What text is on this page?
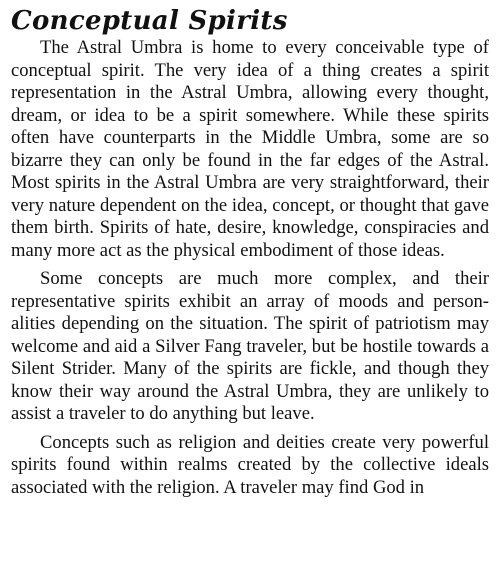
Conceptual Spirits

The Astral Umbra is home to every conceivable type of conceptual spirit. The very idea of a thing creates a spirit representation in the Astral Umbra, allowing every thought, dream, or idea to be a spirit somewhere. While these spirits often have counterparts in the Middle Umbra, some are so bizarre they can only be found in the far edges of the Astral. Most spirits in the Astral Umbra are very straightforward, their very nature dependent on the idea, concept, or thought that gave them birth. Spirits of hate, desire, knowledge, conspiracies and many more act as the physical embodiment of those ideas.

Some concepts are much more complex, and their representative spirits exhibit an array of moods and personalities depending on the situation. The spirit of patriotism may welcome and aid a Silver Fang traveler, but be hostile towards a Silent Strider. Many of the spirits are fickle, and though they know their way around the Astral Umbra, they are unlikely to assist a traveler to do anything but leave.

Concepts such as religion and deities create very powerful spirits found within realms created by the collective ideals associated with the religion. A traveler may find God in
